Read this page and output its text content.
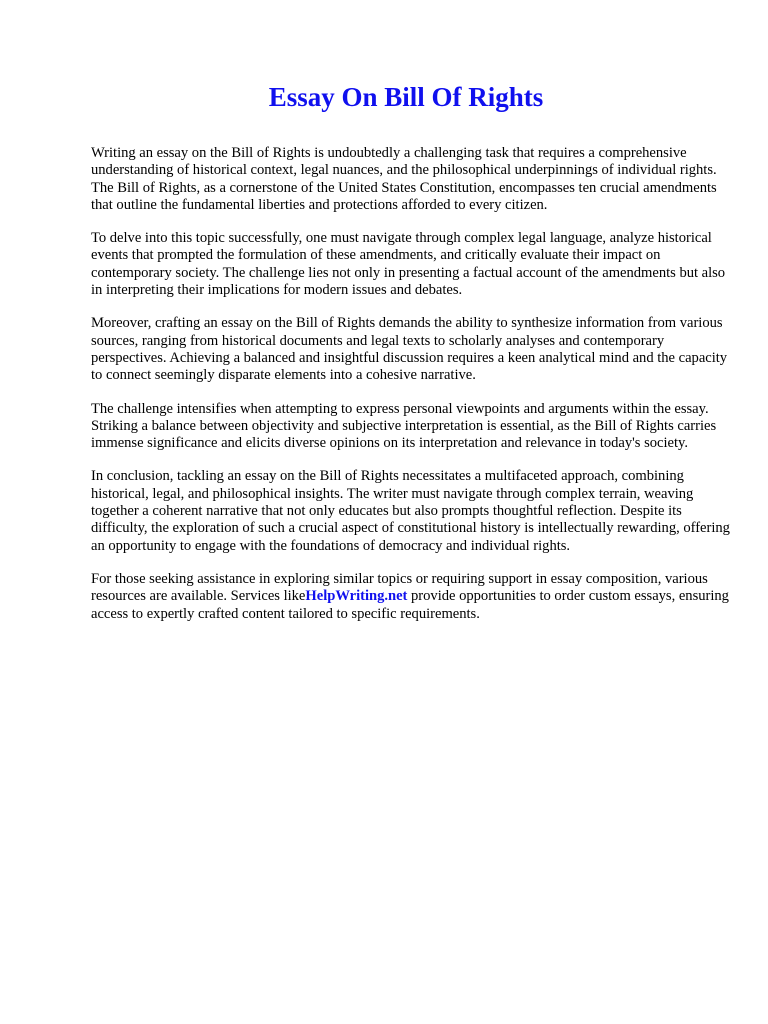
Essay On Bill Of Rights

Writing an essay on the Bill of Rights is undoubtedly a challenging task that requires a comprehensive understanding of historical context, legal nuances, and the philosophical underpinnings of individual rights. The Bill of Rights, as a cornerstone of the United States Constitution, encompasses ten crucial amendments that outline the fundamental liberties and protections afforded to every citizen.

To delve into this topic successfully, one must navigate through complex legal language, analyze historical events that prompted the formulation of these amendments, and critically evaluate their impact on contemporary society. The challenge lies not only in presenting a factual account of the amendments but also in interpreting their implications for modern issues and debates.

Moreover, crafting an essay on the Bill of Rights demands the ability to synthesize information from various sources, ranging from historical documents and legal texts to scholarly analyses and contemporary perspectives. Achieving a balanced and insightful discussion requires a keen analytical mind and the capacity to connect seemingly disparate elements into a cohesive narrative.

The challenge intensifies when attempting to express personal viewpoints and arguments within the essay. Striking a balance between objectivity and subjective interpretation is essential, as the Bill of Rights carries immense significance and elicits diverse opinions on its interpretation and relevance in today's society.

In conclusion, tackling an essay on the Bill of Rights necessitates a multifaceted approach, combining historical, legal, and philosophical insights. The writer must navigate through complex terrain, weaving together a coherent narrative that not only educates but also prompts thoughtful reflection. Despite its difficulty, the exploration of such a crucial aspect of constitutional history is intellectually rewarding, offering an opportunity to engage with the foundations of democracy and individual rights.

For those seeking assistance in exploring similar topics or requiring support in essay composition, various resources are available. Services likeHelpWriting.net provide opportunities to order custom essays, ensuring access to expertly crafted content tailored to specific requirements.
